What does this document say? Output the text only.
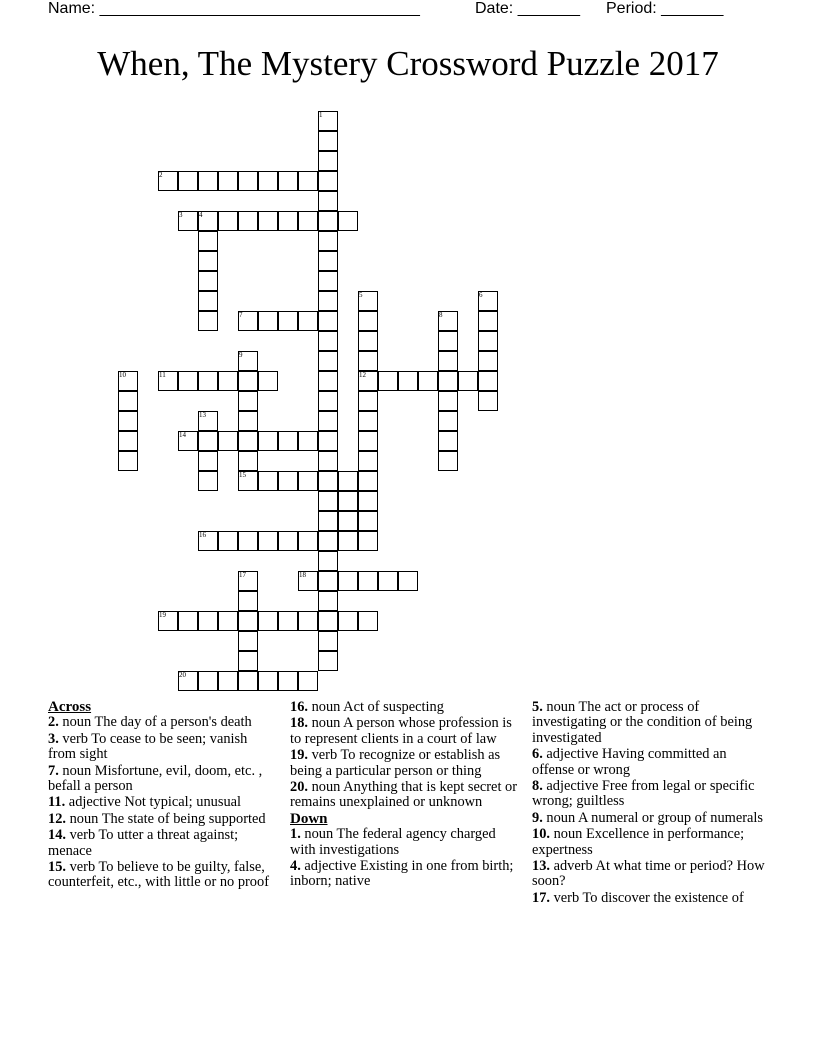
Name: ____________________________________	Date: _______ Period: _______
When, The Mystery Crossword Puzzle 2017
1
2
3 4
5	6
7	8
9
10	11	12
13
14
15
16
17	18
19
20
Across
2. noun The day of a person's death
3. verb To cease to be seen; vanish from sight
7. noun Misfortune, evil, doom, etc. , befall a person
11. adjective Not typical; unusual
12. noun The state of being supported
14. verb To utter a threat against; menace
15. verb To believe to be guilty, false, counterfeit, etc., with little or no proof
16. noun Act of suspecting
18. noun A person whose profession is to represent clients in a court of law
19. verb To recognize or establish as being a particular person or thing
20. noun Anything that is kept secret or remains unexplained or unknown
Down
1. noun The federal agency charged with investigations
4. adjective Existing in one from birth; inborn; native
5. noun The act or process of investigating or the condition of being investigated
6. adjective Having committed an offense or wrong
8. adjective Free from legal or specific wrong; guiltless
9. noun A numeral or group of numerals
10. noun Excellence in performance; expertness
13. adverb At what time or period? How soon?
17. verb To discover the existence of
